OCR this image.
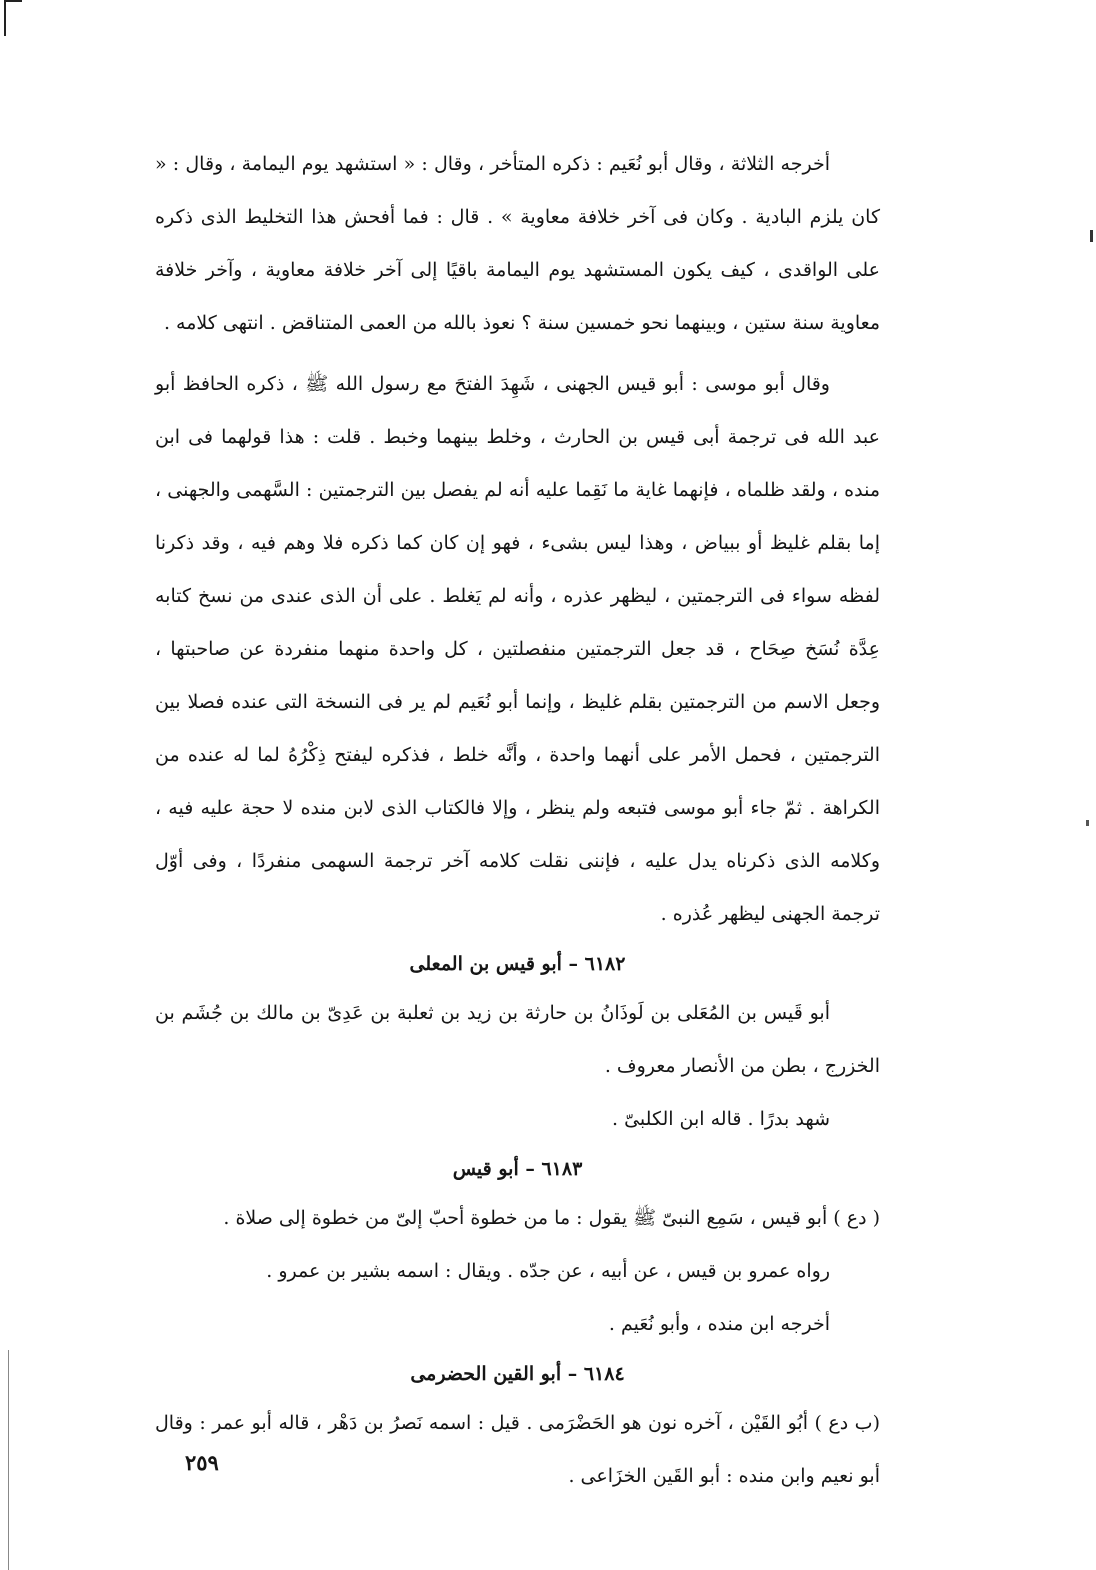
أخرجه الثلاثة ، وقال أبو نُعَيم : ذكره المتأخر ، وقال : « استشهد يوم اليمامة ، وقال : « كان يلزم البادية . وكان فى آخر خلافة معاوية » . قال : فما أفحش هذا التخليط الذى ذكره على الواقدى ، كيف يكون المستشهد يوم اليمامة باقيًا إلى آخر خلافة معاوية ، وآخر خلافة معاوية سنة ستين ، وبينهما نحو خمسين سنة ؟ نعوذ بالله من العمى المتناقض . انتهى كلامه .

وقال أبو موسى : أبو قيس الجهنى ، شَهِدَ الفتحَ مع رسول الله ﷺ ، ذكره الحافظ أبو عبد الله فى ترجمة أبى قيس بن الحارث ، وخلط بينهما وخبط . قلت : هذا قولهما فى ابن منده ، ولقد ظلماه ، فإنهما غاية ما نَقِما عليه أنه لم يفصل بين الترجمتين : السَّهمى والجهنى ، إما بقلم غليظ أو ببياض ، وهذا ليس بشىء ، فهو إن كان كما ذكره فلا وهم فيه ، وقد ذكرنا لفظه سواء فى الترجمتين ، ليظهر عذره ، وأنه لم يَغلط . على أن الذى عندى من نسخ كتابه عِدَّة نُسَخ صِحَاح ، قد جعل الترجمتين منفصلتين ، كل واحدة منهما منفردة عن صاحبتها ، وجعل الاسم من الترجمتين بقلم غليظ ، وإنما أبو نُعَيم لم ير فى النسخة التى عنده فصلا بين الترجمتين ، فحمل الأمر على أنهما واحدة ، وأنَّه خلط ، فذكره ليفتح ذِكْرُهُ لما له عنده من الكراهة . ثمّ جاء أبو موسى فتبعه ولم ينظر ، وإلا فالكتاب الذى لابن منده لا حجة عليه فيه ، وكلامه الذى ذكرناه يدل عليه ، فإننى نقلت كلامه آخر ترجمة السهمى منفردًا ، وفى أوّل ترجمة الجهنى ليظهر عُذره .

٦١٨٢ – أبو قيس بن المعلى

أبو قَيس بن المُعَلى بن لَوذَانُ بن حارثة بن زيد بن ثعلبة بن عَدِىّ بن مالك بن جُشَم بن الخزرج ، بطن من الأنصار معروف .

شهد بدرًا . قاله ابن الكلبىّ .

٦١٨٣ – أبو قيس

( دع ) أبو قيس ، سَمِع النبىّ ﷺ يقول : ما من خطوة أحبّ إلىّ من خطوة إلى صلاة .

رواه عمرو بن قيس ، عن أبيه ، عن جدّه . ويقال : اسمه بشير بن عمرو .

أخرجه ابن منده ، وأبو نُعَيم .

٦١٨٤ – أبو القين الحضرمى

(ب دع ) أبُو القَيْن ، آخره نون هو الحَضْرَمى . قيل : اسمه نَصرُ بن دَهْر ، قاله أبو عمر : وقال أبو نعيم وابن منده : أبو القَين الخزَاعى .

٢٥٩
